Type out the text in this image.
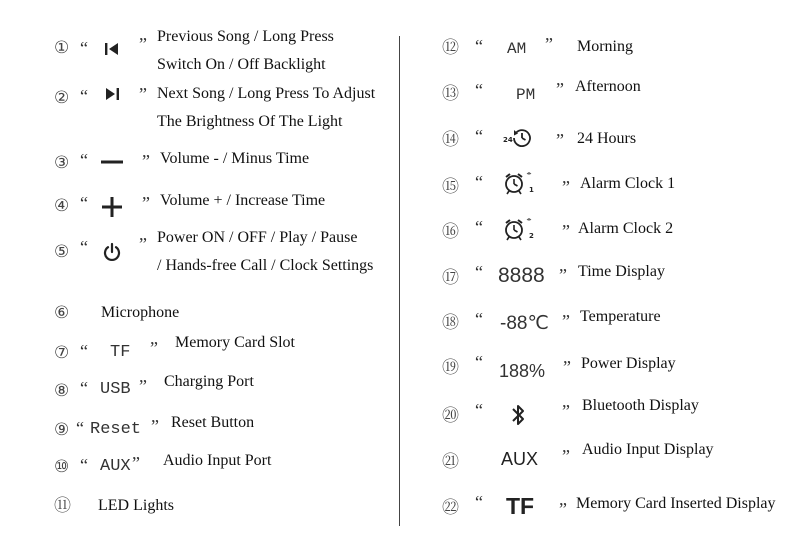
① “	” Previous Song / Long Press
Switch On / Off Backlight
② “	” Next Song / Long Press To Adjust
The Brightness Of The Light
③ “	” Volume - / Minus Time
④ “	” Volume + / Increase Time
⑤ “	” Power ON / OFF / Play / Pause
/ Hands-free Call / Clock Settings
⑥ Microphone
⑦ “ TF ” Memory Card Slot
⑧ “ USB ” Charging Port
⑨ “ Reset ” Reset Button
⑩ “ AUX ” Audio Input Port
⑪ LED Lights
⑫ “ AM ” Morning
⑬ “ PM ” Afternoon
⑭ “	24 ” 24 Hours
⑮ “	1 ” Alarm Clock 1
⑯ “	2 ” Alarm Clock 2
⑰ “ 8888 ” Time Display
⑱ “ -88℃ ” Temperature
⑲ “ 188% ” Power Display
⑳ “	” Bluetooth Display
㉑ AUX ” Audio Input Display
㉒ “ TF ” Memory Card Inserted Display
